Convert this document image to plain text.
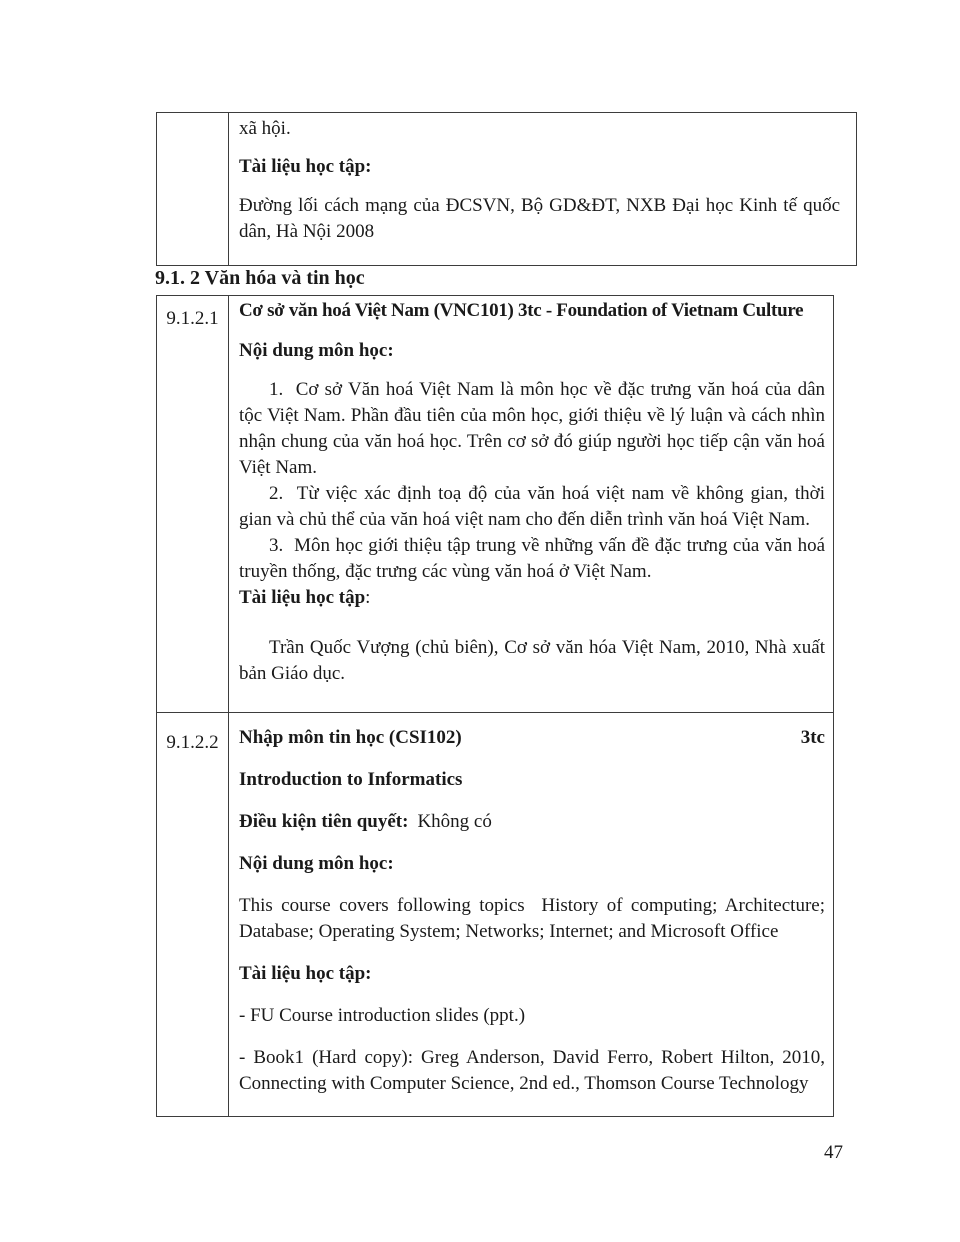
xã hội.

Tài liệu học tập:

Đường lối cách mạng của ĐCSVN, Bộ GD&ĐT, NXB Đại học Kinh tế quốc dân, Hà Nội 2008

9.1. 2 Văn hóa và tin học
9.1.2.1	Cơ sở văn hoá Việt Nam (VNC101) 3tc - Foundation of Vietnam Culture

Nội dung môn học:

1.  Cơ sở Văn hoá Việt Nam là môn học về đặc trưng văn hoá của dân tộc Việt Nam. Phần đầu tiên của môn học, giới thiệu về lý luận và cách nhìn nhận chung của văn hoá học. Trên cơ sở đó giúp người học tiếp cận văn hoá Việt Nam.

2.  Từ việc xác định toạ độ của văn hoá việt nam về không gian, thời gian và chủ thể của văn hoá việt nam cho đến diễn trình văn hoá Việt Nam.

3.  Môn học giới thiệu tập trung về những vấn đề đặc trưng của văn hoá truyền thống, đặc trưng các vùng văn hoá ở Việt Nam.

Tài liệu học tập:

Trần Quốc Vượng (chủ biên), Cơ sở văn hóa Việt Nam, 2010, Nhà xuất bản Giáo dục.

9.1.2.2	Nhập môn tin học (CSI102)	3tc

Introduction to Informatics

Điều kiện tiên quyết: Không có

Nội dung môn học:

This course covers following topics  History of computing; Architecture; Database; Operating System; Networks; Internet; and Microsoft Office

Tài liệu học tập:

- FU Course introduction slides (ppt.)

- Book1 (Hard copy): Greg Anderson, David Ferro, Robert Hilton, 2010, Connecting with Computer Science, 2nd ed., Thomson Course Technology

47
